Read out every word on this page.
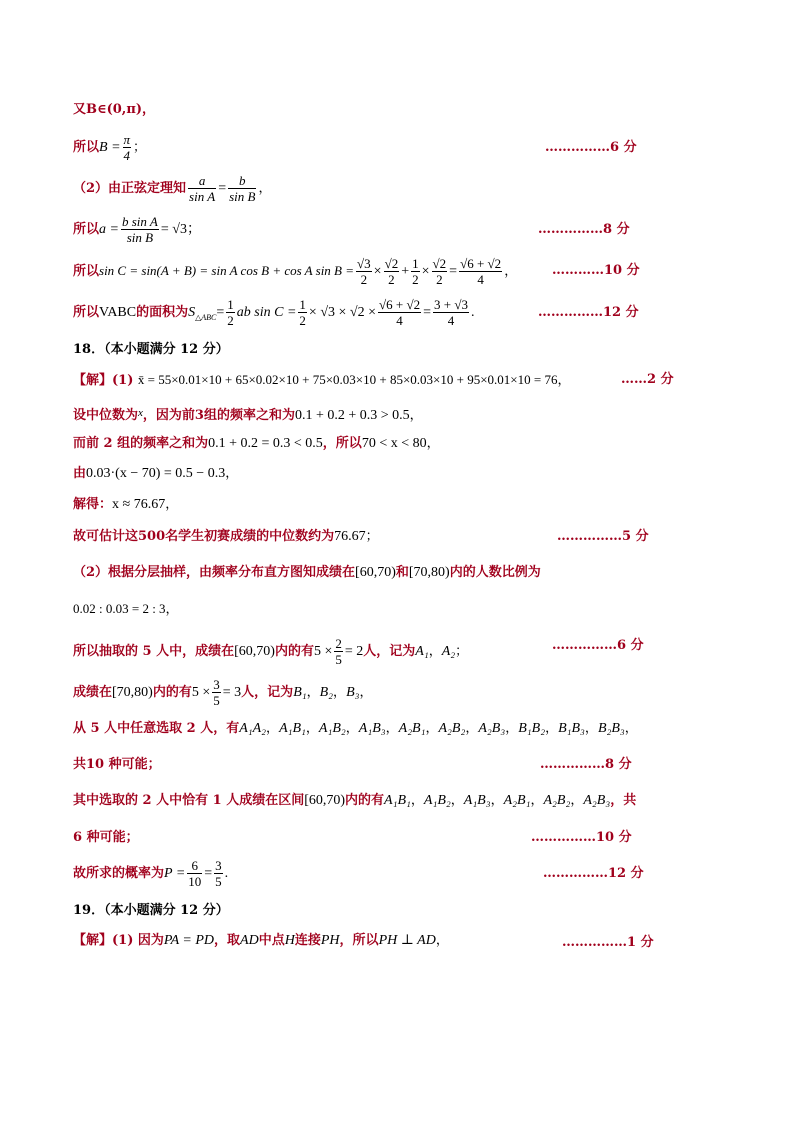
又B∈(0,π)，
所以$B = \frac{\pi}{4}$ ；	……………6 分
（2）由正弦定理知 $\frac{a}{\text{sin A}} = \frac{b}{\text{sin B}}$ ，
所以$a = \frac{\text{b sin A}}{\text{sin B}} = √3$；	……………8 分
所以sin C = sin(A + B) = sin A cos B + cos A $\sin B = \frac{√3}{2} \times \frac{√2}{2} + \frac{1}{2} \times \frac{√2}{2} = \frac{√6 + √2}{4}$ ，	…………10 分
所以VABC的面积为$S_{\triangle ABC}= \frac{1}{2}$ ab $\sin C = \frac{1}{2} \times √3 \times √2 \times \frac{√6 + √2}{4} = \frac{3 + √3}{4}$ .	……………12 分
18．（本小题满分 12 分）
【解】(1) x̄ = 55×0.01×10 + 65×0.02×10 + 75×0.03×10 + 85×0.03×10 + 95×0.01×10 = 76，	……2 分
设中位数为$^x$，因为前3组的频率之和为0.1 + 0.2 + 0.3 > 0.5，
而前 2 组的频率之和为0.1 + 0.2 = 0.3 < 0.5，所以70 < x < 80，
由0.03·(x − 70) = 0.5 − 0.3，
解得：x ≈ 76.67，
故可估计这500名学生初赛成绩的中位数约为76.67；	……………5 分
（2）根据分层抽样，由频率分布直方图知成绩在[60,70)和[70,80)内的人数比例为
0.02 : 0.03 = 2 : 3，
所以抽取的 5 人中，成绩在[60,70)内的有$5 \times \frac{2}{5} = 2$人，记为A₁，A₂；	……………6 分
成绩在[70,80)内的有$5 \times \frac{3}{5} = 3$人，记为B₁，B₂，B₃，
从 5 人中任意选取 2 人，有A₁A₂，A₁B₁，A₁B₂，A₁B₃，A₂B₁，A₂B₂，A₂B₃，B₁B₂，B₁B₃，B₂B₃，
共10 种可能；	……………8 分
其中选取的 2 人中恰有 1 人成绩在区间[60,70)内的有A₁B₁，A₁B₂，A₁B₃，A₂B₁，A₂B₂，A₂B₃，共
6 种可能；	……………10 分
故所求的概率为$P = \frac{6}{10} = \frac{3}{5}$ .	……………12 分
19．（本小题满分 12 分）
【解】(1) 因为PA = PD，取AD中点H连接PH，所以PH ⊥ AD，	……………1 分
